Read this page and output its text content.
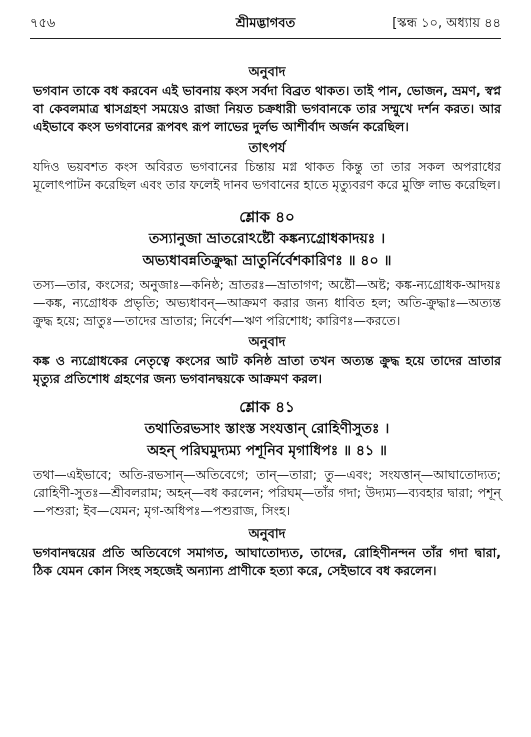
শ্রীমদ্ভাগবত
৭৫৬	[স্কন্ধ ১০, অধ্যায় ৪৪

অনুবাদ

ভগবান তাকে বধ করবেন এই ভাবনায় কংস সর্বদা বিব্রত থাকত। তাই পান, ভোজন, ভ্রমণ, স্বপ্ন বা কেবলমাত্র শ্বাসগ্রহণ সময়েও রাজা নিয়ত চক্রধারী ভগবানকে তার সম্মুখে দর্শন করত। আর এইভাবে কংস ভগবানের রূপবৎ রূপ লাভের দুর্লভ আশীর্বাদ অর্জন করেছিল।

তাৎপর্য

যদিও ভয়বশত কংস অবিরত ভগবানের চিন্তায় মগ্ন থাকত কিন্তু তা তার সকল অপরাধের মূলোৎপাটন করেছিল এবং তার ফলেই দানব ভগবানের হাতে মৃত্যুবরণ করে মুক্তি লাভ করেছিল।

শ্লোক ৪০

তস্যানুজা ভ্রাতরোঽষ্টৌ কঙ্কন্যগ্রোধকাদয়ঃ ।

অভ্যধাবন্নতিক্রুদ্ধা ভ্রাতুর্নির্বেশকারিণঃ ॥ ৪০ ॥

তস্য—তার, কংসের; অনুজাঃ—কনিষ্ঠ; ভ্রাতরঃ—ভ্রাতাগণ; অষ্টৌ—অষ্ট; কঙ্ক-ন্যগ্রোধক-আদয়ঃ—কঙ্ক, ন্যগ্রোধক প্রভৃতি; অভ্যধাবন্—আক্রমণ করার জন্য ধাবিত হল; অতি-ক্রুদ্ধাঃ—অত্যন্ত ক্রুদ্ধ হয়ে; ভ্রাতুঃ—তাদের ভ্রাতার; নির্বেশ—ঋণ পরিশোধ; কারিণঃ—করতে।

অনুবাদ

কঙ্ক ও ন্যগ্রোধকের নেতৃত্বে কংসের আট কনিষ্ঠ ভ্রাতা তখন অত্যন্ত ক্রুদ্ধ হয়ে তাদের ভ্রাতার মৃত্যুর প্রতিশোধ গ্রহণের জন্য ভগবানদ্বয়কে আক্রমণ করল।

শ্লোক ৪১

তথাতিরভসাং স্তাংস্ত সংযত্তান্ রোহিণীসুতঃ ।

অহন্ পরিঘমুদ্যম্য পশূনিব মৃগাধিপঃ ॥ ৪১ ॥

তথা—এইভাবে; অতি-রভসান্—অতিবেগে; তান্—তারা; তু—এবং; সংযত্তান্—আঘাতোদ্যত; রোহিণী-সুতঃ—শ্রীবলরাম; অহন্—বধ করলেন; পরিঘম্—তাঁর গদা; উদ্যম্য—ব্যবহার দ্বারা; পশূন্—পশুরা; ইব—যেমন; মৃগ-অধিপঃ—পশুরাজ, সিংহ।

অনুবাদ

ভগবানদ্বয়ের প্রতি অতিবেগে সমাগত, আঘাতোদ্যত, তাদের, রোহিণীনন্দন তাঁর গদা দ্বারা, ঠিক যেমন কোন সিংহ সহজেই অন্যান্য প্রাণীকে হত্যা করে, সেইভাবে বধ করলেন।
